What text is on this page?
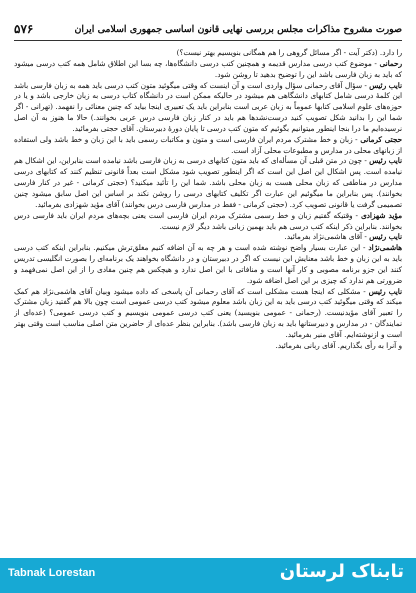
صورت مشروح مذاکرات مجلس بررسی نهایی قانون اساسی جمهوری اسلامی ایران
۵۷۶

را دارد. (دکتر آیت - اگر مسائل گروهی را هم همگانی بنویسیم بهتر نیست؟)

رحمانی - موضوع کتب درسی مدارس قدیمه و همچنین کتب درسی دانشگاه‌ها، چه بسا این اطلاق شامل همه کتب درسی میشود که باید به زبان فارسی باشد این را توضیح بدهید تا روشن شود.

نایب رئیس - سؤال آقای رحمانی سؤال واردی است و آن اینست که وقتی میگوئید متون کتب درسی باید همه به زبان فارسی باشد این کلمهٔ درسی شامل کتابهای دانشگاهی هم میشود در حالیکه ممکن است در دانشگاه کتاب درسی به زبان خارجی باشد و یا در حوزه‌های علوم اسلامی کتابها عموماً به زبان عربی است بنابراین باید یک تعبیری اینجا بیاید که چنین معنائی را نفهمد. (تهرانی - اگر شما این را بدانید شکل تصویب کنید درست‌نشدها هم باید در کنار زبان فارسی درس عربی بخوانند.) حالا ما هنوز به آن اصل نرسیده‌ایم ما درا بنجا اینطور میتوانیم بگوئیم که متون کتب درسی تا پایان دورهٔ دبیرستان. آقای حجتی بفرمائید.

حجتی کرمانی - زبان و خط مشترک مردم ایران فارسی است و متون و مکاتبات رسمی باید با این زبان و خط باشد ولی استفاده از زبانهای محلی در مدارس و مطبوعات محلی آزاد است.

نایب رئیس - چون در متن قبلی آن مسأله‌ای که باید متون کتابهای درسی به زبان فارسی باشد نیامده است بنابراین، این اشکال هم نیامده است. پس اشکال این اصل این است که اگر اینطور تصویب شود مشکل است بعداً قانونی تنظیم کنند که کتابهای درسی مدارس در مناطقی که زبان محلی هست به زبان محلی باشد. شما این را تأئید میکنید؟ (حجتی کرمانی - غیر در کنار فارسی بخوانند). پس بنابراین ما میگوئیم این عبارت اگر تکلیف کتابهای درسی را روشن نکند بر اساس این اصل سابق میشود چنین تصمیمی گرفت یا قانونی تصویب کرد. (حجتی کرمانی - فقط در مدارس فارسی درس بخوانند) آقای مؤید شهزادی بفرمائید.

مؤید شهزادی - وقتیکه گفتیم زبان و خط رسمی مشترک مردم ایران فارسی است یعنی بچه‌های مردم ایران باید فارسی درس بخوانند. بنابراین ذکر اینکه کتب درسی هم باید بهمین زبانی باشد دیگر لازم نیست.

نایب رئیس - آقای هاشمی‌نژاد بفرمائید.

هاشمی‌نژاد - این عبارت بسیار واضح نوشته شده است و هر چه به آن اضافه کنیم مغلق‌ترش میکنیم. بنابراین اینکه کتب درسی باید به این زبان و خط باشد معنایش این نیست که اگر در دبیرستان و در دانشگاه بخواهند یک برنامه‌ای را بصورت انگلیسی تدریس کنند این جزو برنامه مصوبی و کار آنها است و منافاتی با این اصل ندارد و هیچکس هم چنین مفادی را از این اصل نمی‌فهمد و ضرورتی هم ندارد که چیزی بر این اصل اضافه شود.

نایب رئیس - مشکلی که اینجا هست مشکلی است که آقای رحمانی آن پاسخی که داده میشود وبیان آقای هاشمی‌نژاد هم کمک میکند که وقتی میگوئید کتب درسی باید به این زبان باشد معلوم میشود کتب درسی عمومی است چون بالا هم گفتید زبان مشترک را تعبیر آقای مؤیدنیست. (رحمانی - عمومی بنویسید) یعنی کتب درسی عمومی بنویسیم و کتب درسی عمومی؟ (عده‌ای از نمایندگان - در مدارس و دبیرستانها باید به زبان فارسی باشد). بنابراین بنظر عده‌ای از حاضرین متن اصلی مناسب است وقتی بهتر است و ازنوشته‌ایم. آقای منیر بفرمائید.

و آنرا به رأی بگذاریم. آقای ربانی بفرمائید.

Tabnak Lorestan	تابناک لرستان
